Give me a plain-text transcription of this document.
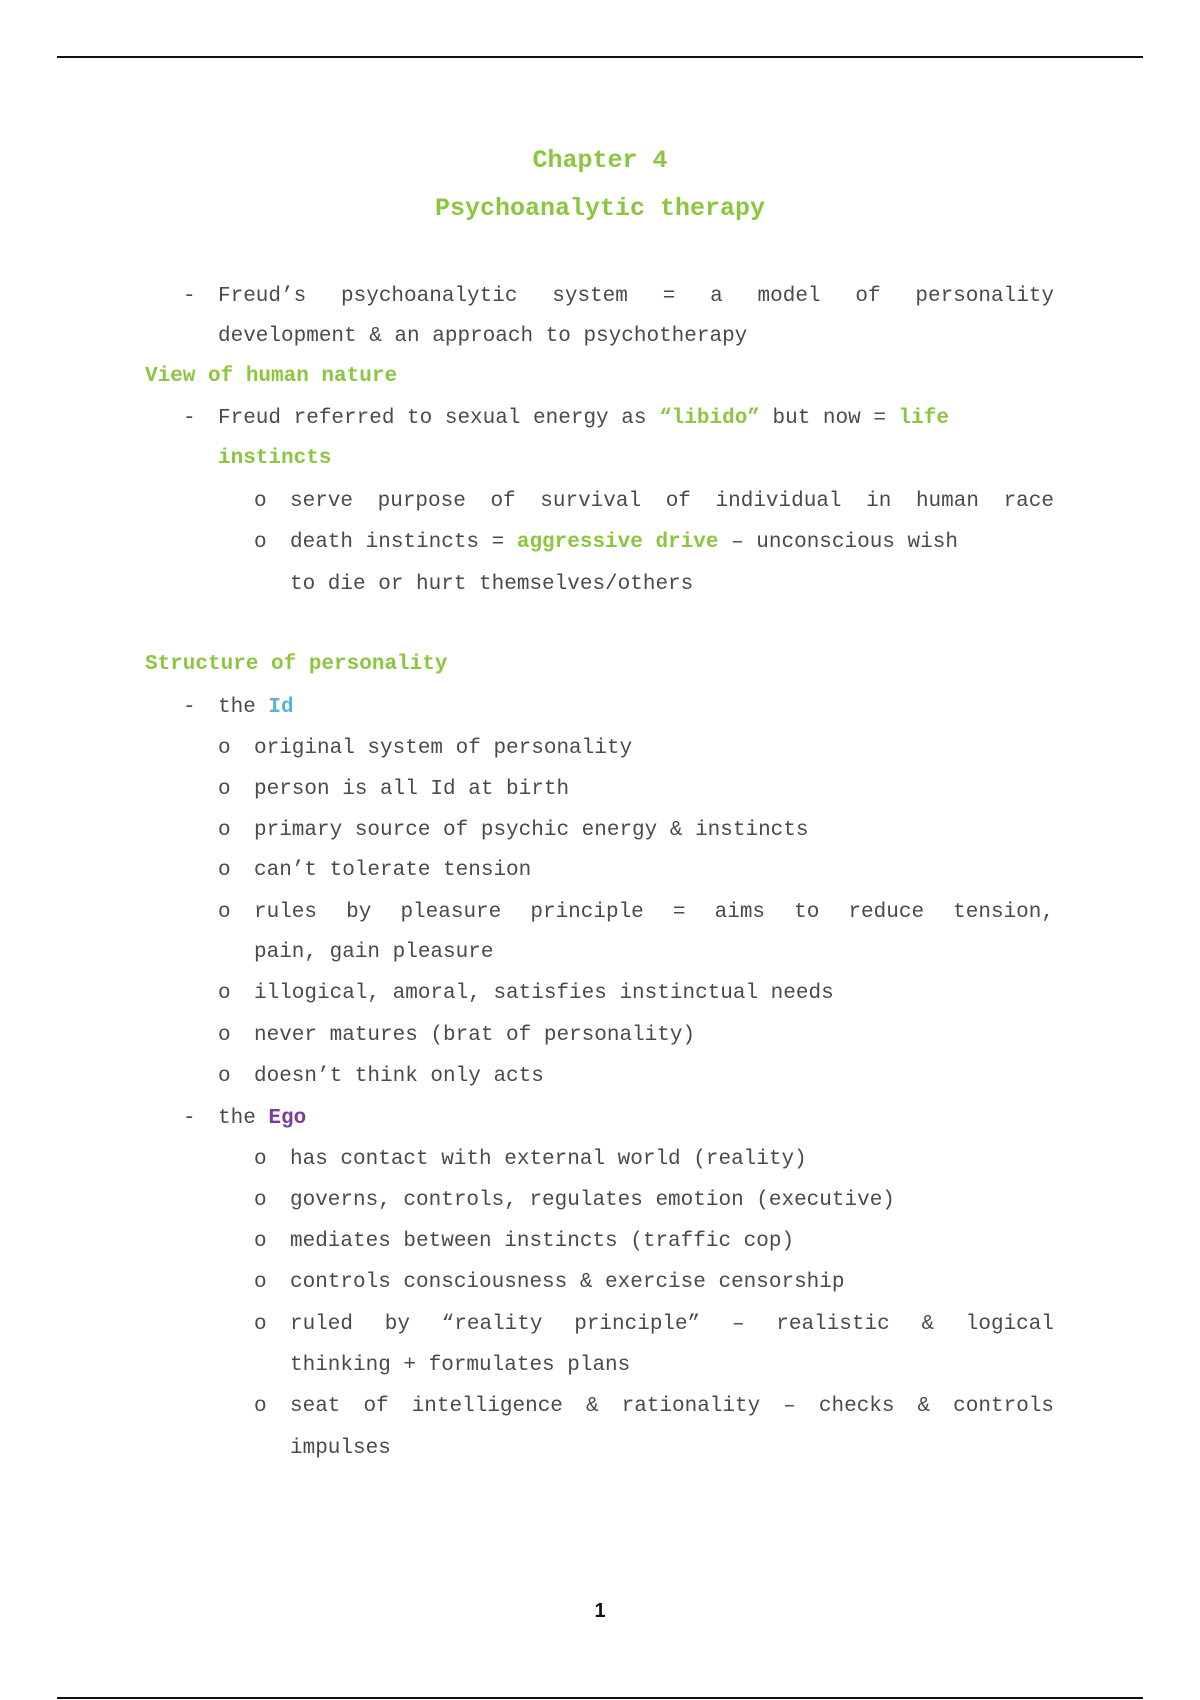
Chapter 4
Psychoanalytic therapy
- Freud’s psychoanalytic system = a model of personality
development & an approach to psychotherapy
View of human nature
- Freud referred to sexual energy as “libido” but now = life
instincts
o serve purpose of survival of individual in human race
o death instincts = aggressive drive – unconscious wish
to die or hurt themselves/others
Structure of personality
- the Id
o original system of personality
o person is all Id at birth
o primary source of psychic energy & instincts
o can’t tolerate tension
o rules by pleasure principle = aims to reduce tension,
pain, gain pleasure
o illogical, amoral, satisfies instinctual needs
o never matures (brat of personality)
o doesn’t think only acts
- the Ego
o has contact with external world (reality)
o governs, controls, regulates emotion (executive)
o mediates between instincts (traffic cop)
o controls consciousness & exercise censorship
o ruled by “reality principle” – realistic & logical
thinking + formulates plans
o seat of intelligence & rationality – checks & controls
impulses
1
